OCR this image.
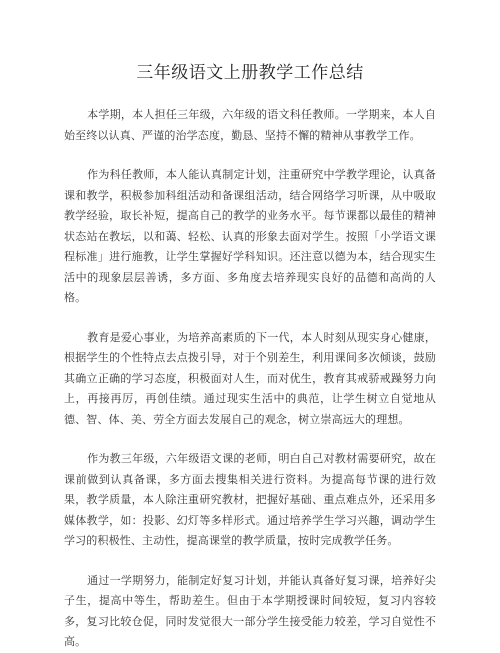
三年级语文上册教学工作总结

本学期，本人担任三年级，六年级的语文科任教师。一学期来，本人自始至终以认真、严谨的治学态度，勤恳、坚持不懈的精神从事教学工作。

作为科任教师，本人能认真制定计划，注重研究中学教学理论，认真备课和教学，积极参加科组活动和备课组活动，结合网络学习听课，从中吸取教学经验，取长补短，提高自己的教学的业务水平。每节课都以最佳的精神状态站在教坛，以和蔼、轻松、认真的形象去面对学生。按照「小学语文课程标准」进行施教，让学生掌握好学科知识。还注意以德为本，结合现实生活中的现象层层善诱，多方面、多角度去培养现实良好的品德和高尚的人格。

教育是爱心事业，为培养高素质的下一代，本人时刻从现实身心健康，根据学生的个性特点去点拨引导，对于个别差生，利用课间多次倾谈，鼓励其确立正确的学习态度，积极面对人生，而对优生，教育其戒骄戒躁努力向上，再接再厉，再创佳绩。通过现实生活中的典范，让学生树立自觉地从德、智、体、美、劳全方面去发展自己的观念，树立崇高远大的理想。

作为教三年级，六年级语文课的老师，明白自己对教材需要研究，故在课前做到认真备课，多方面去搜集相关进行资料。为提高每节课的进行效果，教学质量，本人除注重研究教材，把握好基础、重点难点外，还采用多媒体教学，如：投影、幻灯等多样形式。通过培养学生学习兴趣，调动学生学习的积极性、主动性，提高课堂的教学质量，按时完成教学任务。

通过一学期努力，能制定好复习计划，并能认真备好复习课，培养好尖子生，提高中等生，帮助差生。但由于本学期授课时间较短，复习内容较多，复习比较仓促，同时发觉很大一部分学生接受能力较差，学习自觉性不高。
